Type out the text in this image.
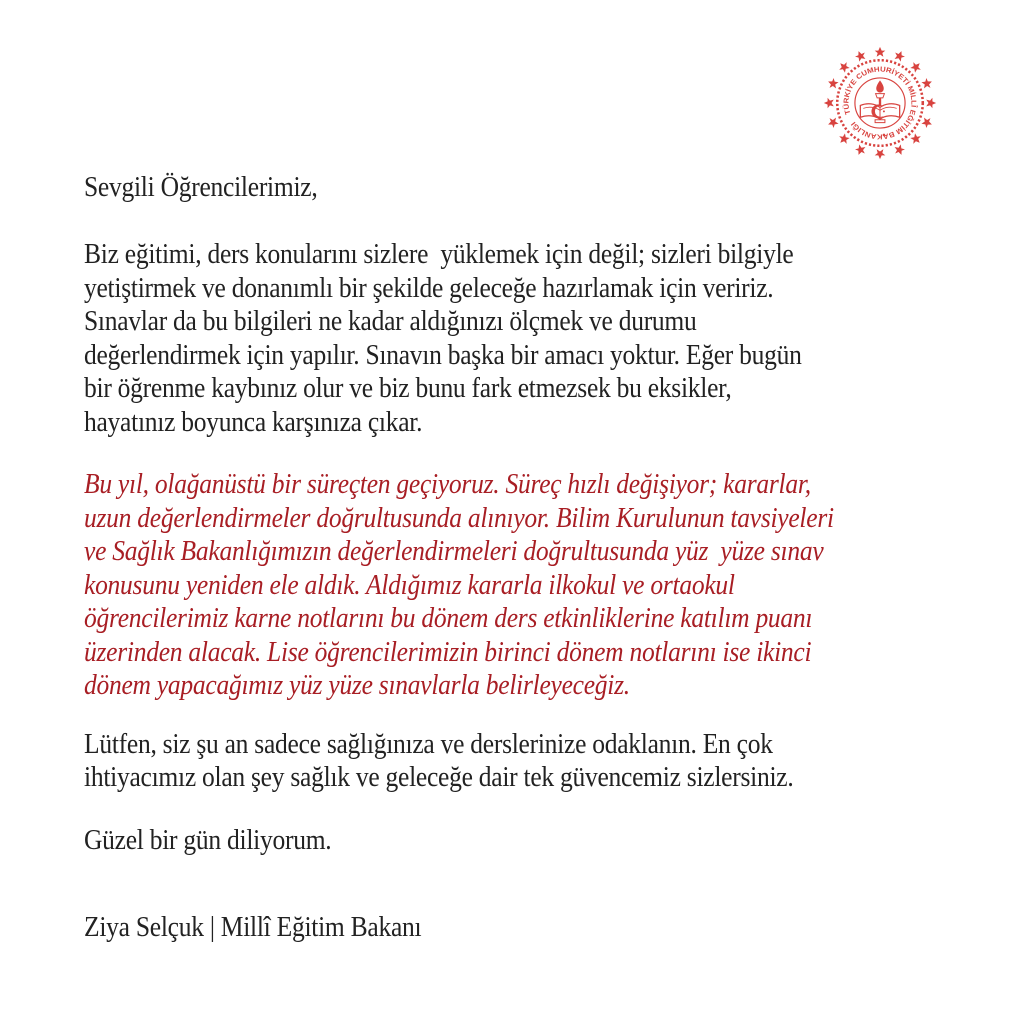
TÜRKİYE CUMHURİYETİ MİLLÎ EĞİTİM BAKANLIĞI
Sevgili Öğrencilerimiz,
Biz eğitimi, ders konularını sizlere  yüklemek için değil; sizleri bilgiyle
yetiştirmek ve donanımlı bir şekilde geleceğe hazırlamak için veririz.
Sınavlar da bu bilgileri ne kadar aldığınızı ölçmek ve durumu
değerlendirmek için yapılır. Sınavın başka bir amacı yoktur. Eğer bugün
bir öğrenme kaybınız olur ve biz bunu fark etmezsek bu eksikler,
hayatınız boyunca karşınıza çıkar.
Bu yıl, olağanüstü bir süreçten geçiyoruz. Süreç hızlı değişiyor; kararlar,
uzun değerlendirmeler doğrultusunda alınıyor. Bilim Kurulunun tavsiyeleri
ve Sağlık Bakanlığımızın değerlendirmeleri doğrultusunda yüz  yüze sınav
konusunu yeniden ele aldık. Aldığımız kararla ilkokul ve ortaokul
öğrencilerimiz karne notlarını bu dönem ders etkinliklerine katılım puanı
üzerinden alacak. Lise öğrencilerimizin birinci dönem notlarını ise ikinci
dönem yapacağımız yüz yüze sınavlarla belirleyeceğiz.
Lütfen, siz şu an sadece sağlığınıza ve derslerinize odaklanın. En çok
ihtiyacımız olan şey sağlık ve geleceğe dair tek güvencemiz sizlersiniz.
Güzel bir gün diliyorum.
Ziya Selçuk | Millî Eğitim Bakanı
